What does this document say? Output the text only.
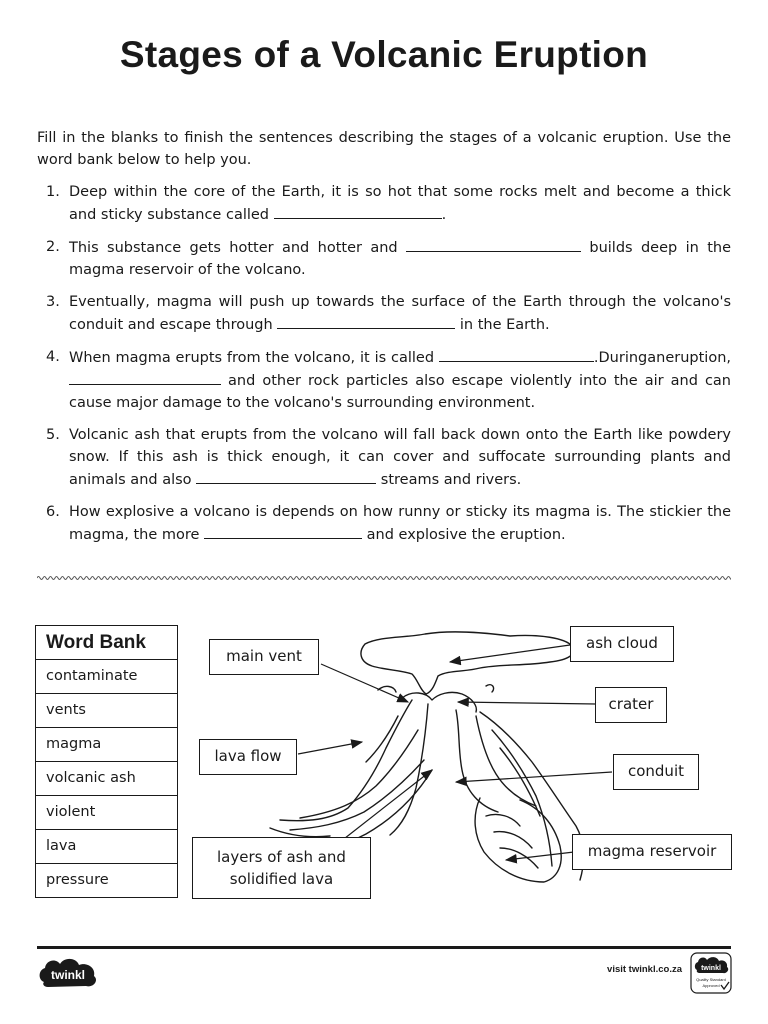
Stages of a Volcanic Eruption
Fill in the blanks to finish the sentences describing the stages of a volcanic eruption. Use the word bank below to help you.
1. Deep within the core of the Earth, it is so hot that some rocks melt and become a thick and sticky substance called	.
2. This substance gets hotter and hotter and	builds deep in the magma reservoir of the volcano.
3. Eventually, magma will push up towards the surface of the Earth through the volcano's conduit and escape through	in the Earth.
4. When magma erupts from the volcano, it is called	.Duringaneruption,  and other rock particles also escape violently into the air and can cause major damage to the volcano's surrounding environment.
5. Volcanic ash that erupts from the volcano will fall back down onto the Earth like powdery snow. If this ash is thick enough, it can cover and suffocate surrounding plants and animals and also	streams and rivers.
6. How explosive a volcano is depends on how runny or sticky its magma is. The stickier the magma, the more	and explosive the eruption.
Word Bank
contaminate
vents
magma
volcanic ash
violent
lava
pressure
main vent
ash cloud
crater
lava flow
conduit
layers of ash and solidified lava
magma reservoir
twinkl	visit twinkl.co.za	twinkl
Quality Standard
Approved
